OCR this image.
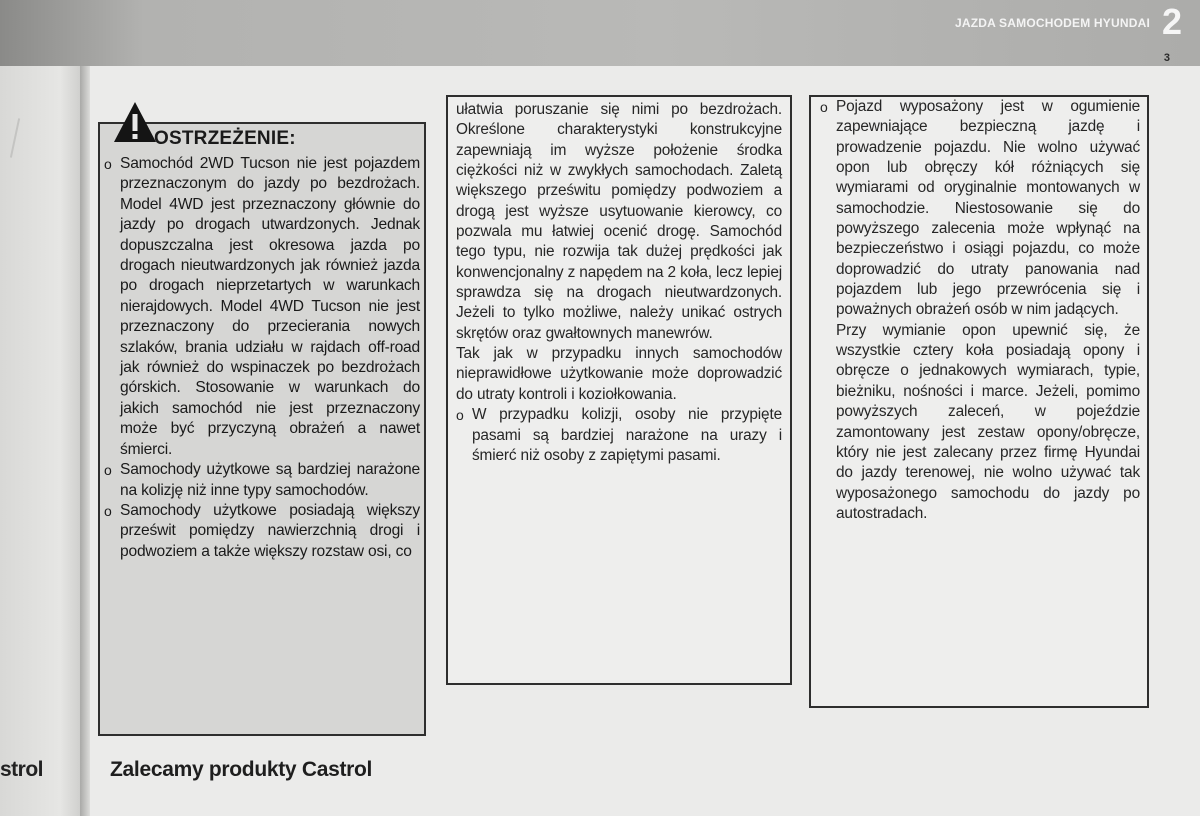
JAZDA SAMOCHODEM HYUNDAI 2
3
strol
OSTRZEŻENIE:

o Samochód 2WD Tucson nie jest pojazdem przeznaczonym do jazdy po bezdrożach. Model 4WD jest przeznaczony głównie do jazdy po drogach utwardzonych. Jednak dopuszczalna jest okresowa jazda po drogach nieutwardzonych jak również jazda po drogach nieprzetartych w warunkach nierajdowych. Model 4WD Tucson nie jest przeznaczony do przecierania nowych szlaków, brania udziału w rajdach off-road jak również do wspinaczek po bezdrożach górskich. Stosowanie w warunkach do jakich samochód nie jest przeznaczony może być przyczyną obrażeń a nawet śmierci.

o Samochody użytkowe są bardziej narażone na kolizję niż inne typy samochodów.

o Samochody użytkowe posiadają większy prześwit pomiędzy nawierzchnią drogi i podwoziem a także większy rozstaw osi, co

ułatwia poruszanie się nimi po bezdrożach. Określone charakterystyki konstrukcyjne zapewniają im wyższe położenie środka ciężkości niż w zwykłych samochodach. Zaletą większego prześwitu pomiędzy podwoziem a drogą jest wyższe usytuowanie kierowcy, co pozwala mu łatwiej ocenić drogę. Samochód tego typu, nie rozwija tak dużej prędkości jak konwencjonalny z napędem na 2 koła, lecz lepiej sprawdza się na drogach nieutwardzonych. Jeżeli to tylko możliwe, należy unikać ostrych skrętów oraz gwałtownych manewrów.

Tak jak w przypadku innych samochodów nieprawidłowe użytkowanie może doprowadzić do utraty kontroli i koziołkowania.

o W przypadku kolizji, osoby nie przypięte pasami są bardziej narażone na urazy i śmierć niż osoby z zapiętymi pasami.

o Pojazd wyposażony jest w ogumienie zapewniające bezpieczną jazdę i prowadzenie pojazdu. Nie wolno używać opon lub obręczy kół różniących się wymiarami od oryginalnie montowanych w samochodzie. Niestosowanie się do powyższego zalecenia może wpłynąć na bezpieczeństwo i osiągi pojazdu, co może doprowadzić do utraty panowania nad pojazdem lub jego przewrócenia się i poważnych obrażeń osób w nim jadących.

Przy wymianie opon upewnić się, że wszystkie cztery koła posiadają opony i obręcze o jednakowych wymiarach, typie, bieżniku, nośności i marce. Jeżeli, pomimo powyższych zaleceń, w pojeździe zamontowany jest zestaw opony/obręcze, który nie jest zalecany przez firmę Hyundai do jazdy terenowej, nie wolno używać tak wyposażonego samochodu do jazdy po autostradach.

Zalecamy produkty Castrol
